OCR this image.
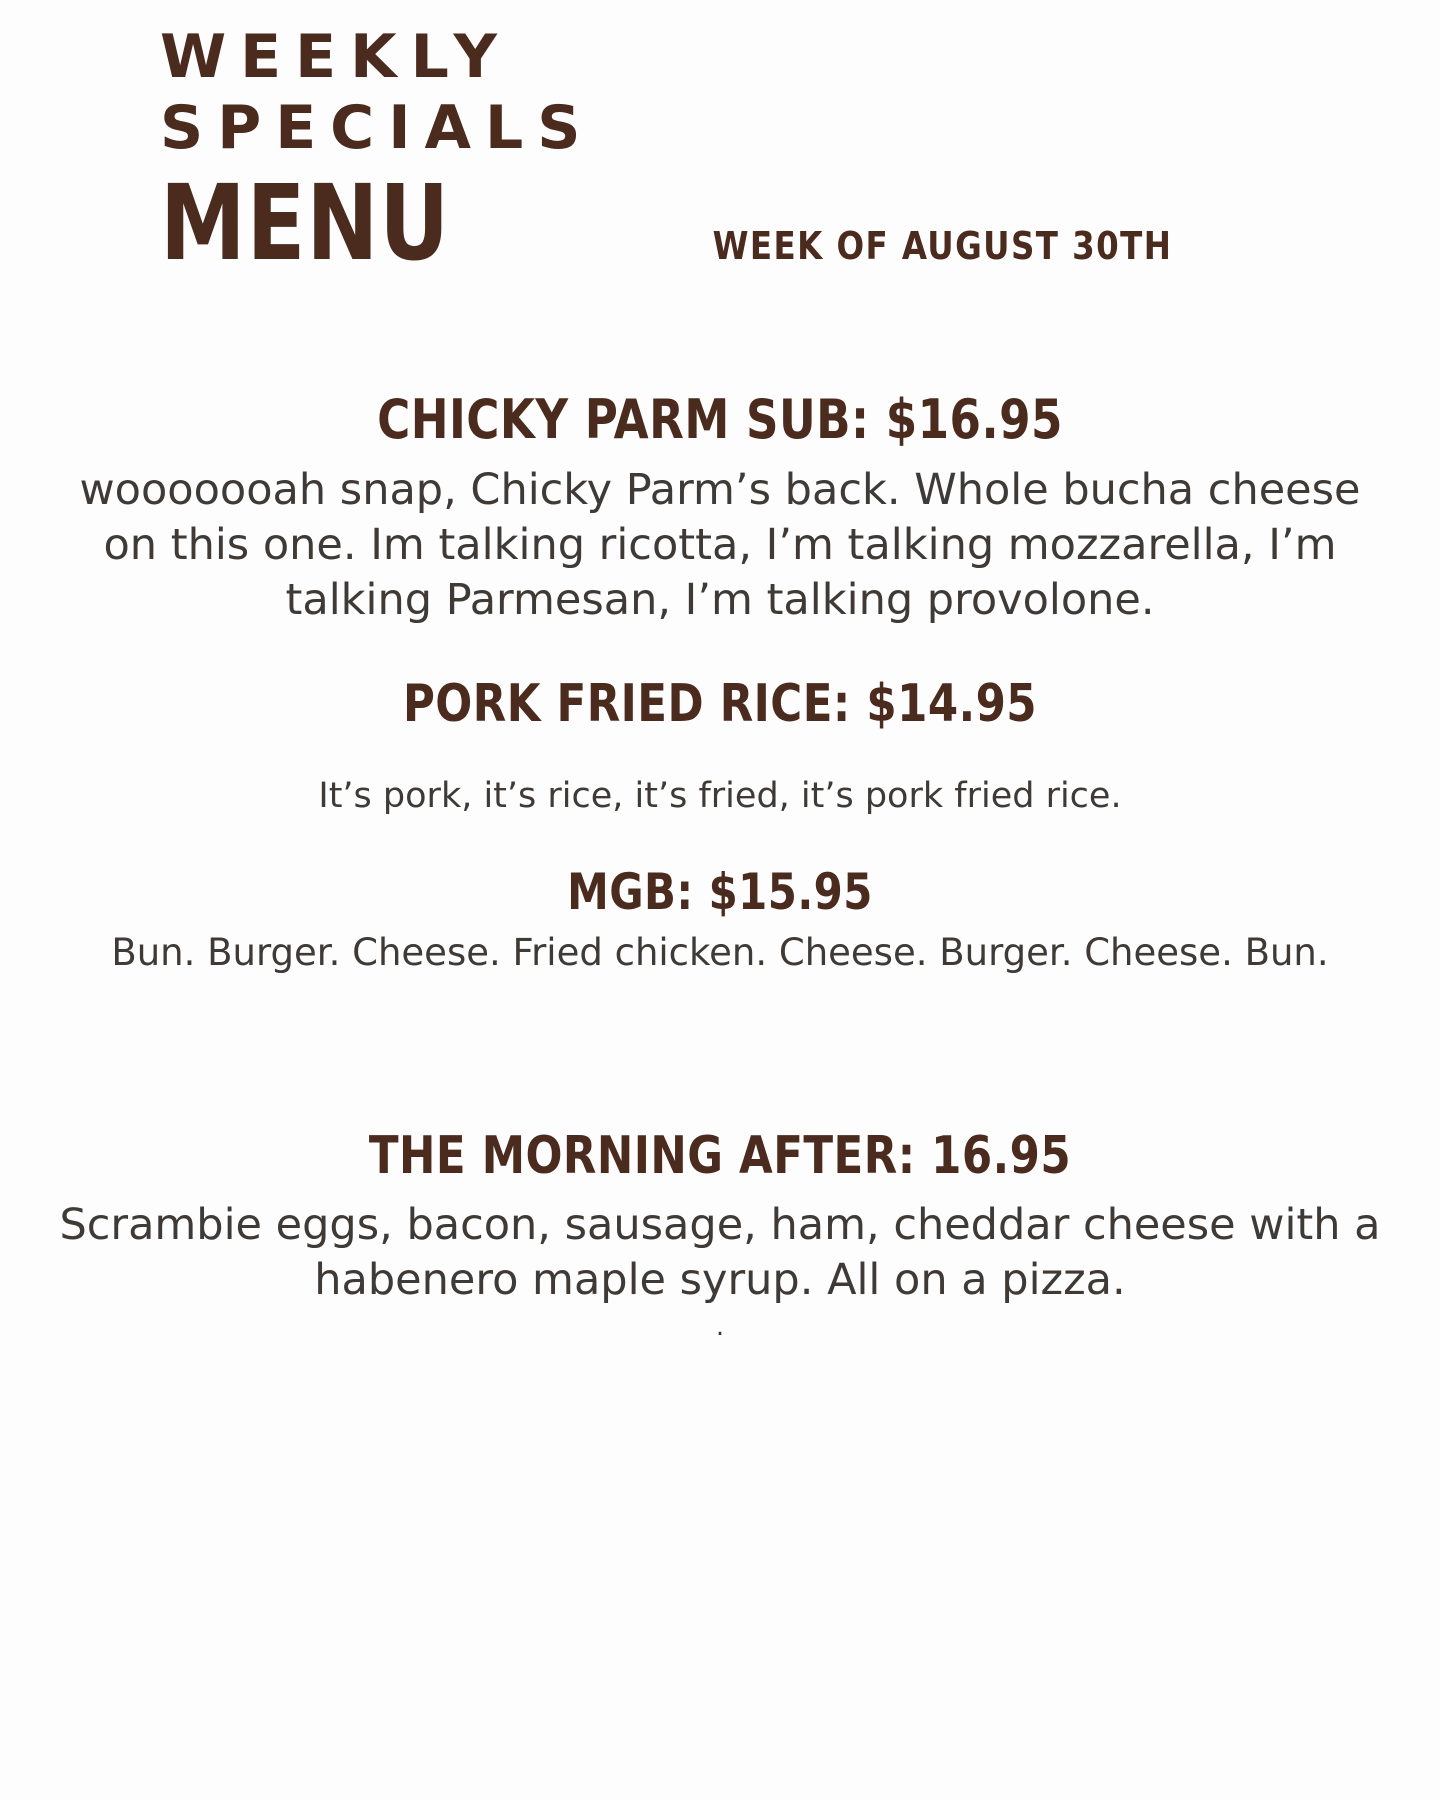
WEEKLY
SPECIALS
MENU	WEEK OF AUGUST 30TH
CHICKY PARM SUB: $16.95
wooooooah snap, Chicky Parm’s back. Whole bucha cheese on this one. Im talking ricotta, I’m talking mozzarella, I’m talking Parmesan, I’m talking provolone.
PORK FRIED RICE: $14.95
It’s pork, it’s rice, it’s fried, it’s pork fried rice.
MGB: $15.95
Bun. Burger. Cheese. Fried chicken. Cheese. Burger. Cheese. Bun.
THE MORNING AFTER: 16.95
Scrambie eggs, bacon, sausage, ham, cheddar cheese with a habenero maple syrup. All on a pizza.
.
